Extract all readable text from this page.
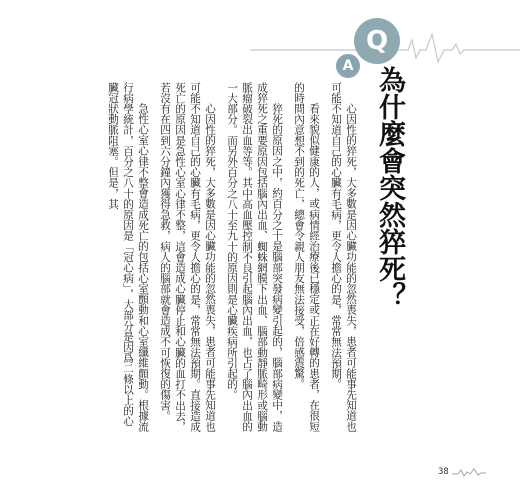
Q
A 為什麼會突然猝死？

心因性的猝死，大多數是因心臟功能的忽然喪失，患者可能事先知道也可能不知道自己的心臟有毛病，更令人擔心的是，常常無法預期。

看來貌似健康的人，或病情經治療後已穩定或正在好轉的患者，在很短的時間內意想不到的死亡，總會令親人朋友無法接受，倍感震驚。

猝死的原因之中，約百分之十是腦部突發病變引起的，腦部病變中，造成猝死之重要原因包括腦內出血、蜘蛛網膜下出血、腦部動靜脈畸形或腦動脈瘤破裂出血等等。其中高血壓控制不良引起腦內出血，也占了腦內出血的一大部分。而另外百分之八十至九十的原因則是心臟疾病所引起的。

心因性的猝死，大多數是因心臟功能的忽然喪失，患者可能事先知道也可能不知道自己的心臟有毛病，更令人擔心的是，常常無法預期。直接造成死亡的原因是急性心室心律不整，這會造成心臟停止和心臟的血打不出去，若沒有在四到六分鐘內獲得急救，病人的腦部就會造成不可恢復的傷害。

急性心室心律不整會造成死亡的包括心室顫動和心室纖維顫動。根據流行病學統計，百分之八十的原因是「冠心病」，大部分是因爲二條以上的心臟冠狀動脈阻塞。但是，其

38
